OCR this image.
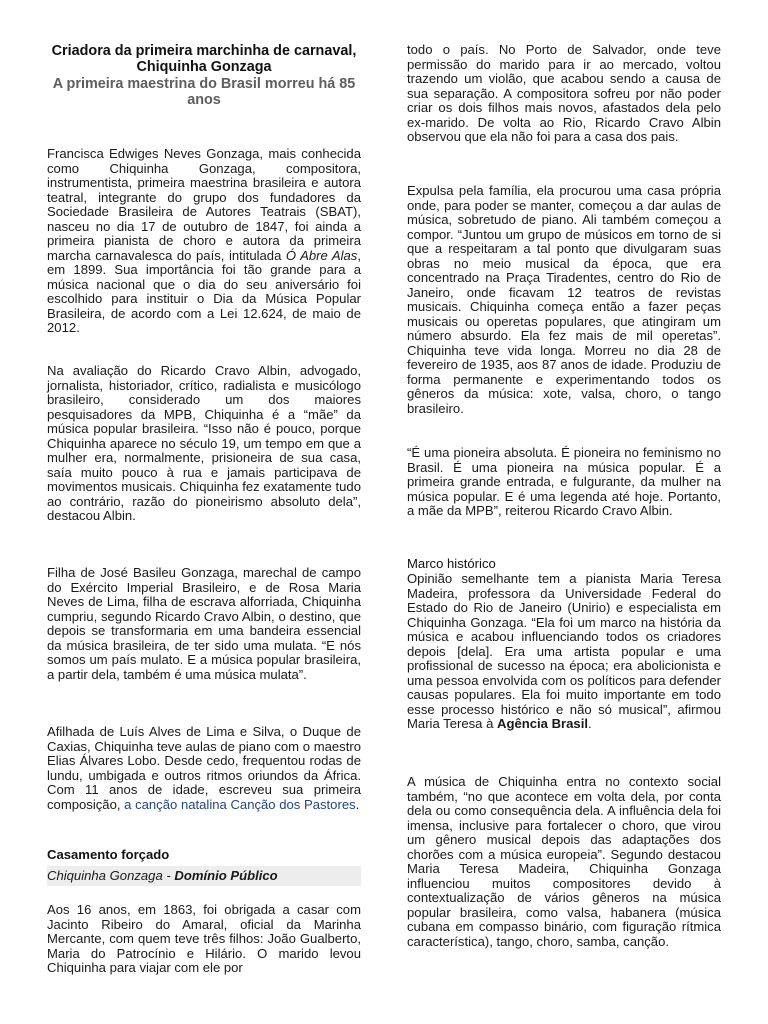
Criadora da primeira marchinha de carnaval, Chiquinha Gonzaga
A primeira maestrina do Brasil morreu há 85 anos

Francisca Edwiges Neves Gonzaga, mais conhecida como Chiquinha Gonzaga, compositora, instrumentista, primeira maestrina brasileira e autora teatral, integrante do grupo dos fundadores da Sociedade Brasileira de Autores Teatrais (SBAT), nasceu no dia 17 de outubro de 1847, foi ainda a primeira pianista de choro e autora da primeira marcha carnavalesca do país, intitulada Ó Abre Alas, em 1899. Sua importância foi tão grande para a música nacional que o dia do seu aniversário foi escolhido para instituir o Dia da Música Popular Brasileira, de acordo com a Lei 12.624, de maio de 2012.

Na avaliação do Ricardo Cravo Albin, advogado, jornalista, historiador, crítico, radialista e musicólogo brasileiro, considerado um dos maiores pesquisadores da MPB, Chiquinha é a “mãe” da música popular brasileira. “Isso não é pouco, porque Chiquinha aparece no século 19, um tempo em que a mulher era, normalmente, prisioneira de sua casa, saía muito pouco à rua e jamais participava de movimentos musicais. Chiquinha fez exatamente tudo ao contrário, razão do pioneirismo absoluto dela”, destacou Albin.

Filha de José Basileu Gonzaga, marechal de campo do Exército Imperial Brasileiro, e de Rosa Maria Neves de Lima, filha de escrava alforriada, Chiquinha cumpriu, segundo Ricardo Cravo Albin, o destino, que depois se transformaria em uma bandeira essencial da música brasileira, de ter sido uma mulata. “E nós somos um país mulato. E a música popular brasileira, a partir dela, também é uma música mulata”.

Afilhada de Luís Alves de Lima e Silva, o Duque de Caxias, Chiquinha teve aulas de piano com o maestro Elias Álvares Lobo. Desde cedo, frequentou rodas de lundu, umbigada e outros ritmos oriundos da África. Com 11 anos de idade, escreveu sua primeira composição, a canção natalina Canção dos Pastores.

Casamento forçado
Chiquinha Gonzaga - Domínio Público

Aos 16 anos, em 1863, foi obrigada a casar com Jacinto Ribeiro do Amaral, oficial da Marinha Mercante, com quem teve três filhos: João Gualberto, Maria do Patrocínio e Hilário. O marido levou Chiquinha para viajar com ele por

todo o país. No Porto de Salvador, onde teve permissão do marido para ir ao mercado, voltou trazendo um violão, que acabou sendo a causa de sua separação. A compositora sofreu por não poder criar os dois filhos mais novos, afastados dela pelo ex-marido. De volta ao Rio, Ricardo Cravo Albin observou que ela não foi para a casa dos pais.

Expulsa pela família, ela procurou uma casa própria onde, para poder se manter, começou a dar aulas de música, sobretudo de piano. Ali também começou a compor. “Juntou um grupo de músicos em torno de si que a respeitaram a tal ponto que divulgaram suas obras no meio musical da época, que era concentrado na Praça Tiradentes, centro do Rio de Janeiro, onde ficavam 12 teatros de revistas musicais. Chiquinha começa então a fazer peças musicais ou operetas populares, que atingiram um número absurdo. Ela fez mais de mil operetas”. Chiquinha teve vida longa. Morreu no dia 28 de fevereiro de 1935, aos 87 anos de idade. Produziu de forma permanente e experimentando todos os gêneros da música: xote, valsa, choro, o tango brasileiro.

“É uma pioneira absoluta. É pioneira no feminismo no Brasil. É uma pioneira na música popular. É a primeira grande entrada, e fulgurante, da mulher na música popular. E é uma legenda até hoje. Portanto, a mãe da MPB”, reiterou Ricardo Cravo Albin.

Marco histórico

Opinião semelhante tem a pianista Maria Teresa Madeira, professora da Universidade Federal do Estado do Rio de Janeiro (Unirio) e especialista em Chiquinha Gonzaga. “Ela foi um marco na história da música e acabou influenciando todos os criadores depois [dela]. Era uma artista popular e uma profissional de sucesso na época; era abolicionista e uma pessoa envolvida com os políticos para defender causas populares. Ela foi muito importante em todo esse processo histórico e não só musical”, afirmou Maria Teresa à Agência Brasil.

A música de Chiquinha entra no contexto social também, “no que acontece em volta dela, por conta dela ou como consequência dela. A influência dela foi imensa, inclusive para fortalecer o choro, que virou um gênero musical depois das adaptações dos chorões com a música europeia”. Segundo destacou Maria Teresa Madeira, Chiquinha Gonzaga influenciou muitos compositores devido à contextualização de vários gêneros na música popular brasileira, como valsa, habanera (música cubana em compasso binário, com figuração rítmica característica), tango, choro, samba, canção.
